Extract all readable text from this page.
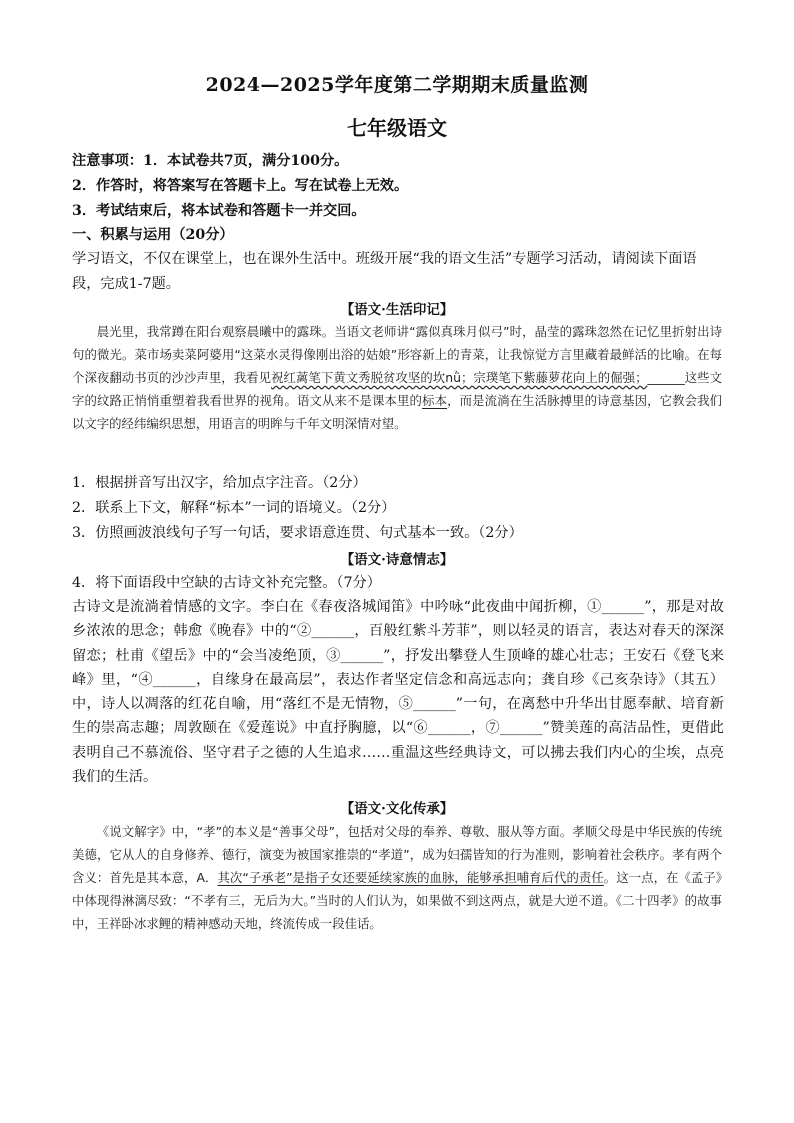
2024—2025学年度第二学期期末质量监测
七年级语文
注意事项：1．本试卷共7页，满分100分。
2．作答时，将答案写在答题卡上。写在试卷上无效。
3．考试结束后，将本试卷和答题卡一并交回。
一、积累与运用（20分）
学习语文，不仅在课堂上，也在课外生活中。班级开展“我的语文生活”专题学习活动，请阅读下面语
段，完成1-7题。
【语文·生活印记】
晨光里，我常蹲在阳台观察晨曦中的露珠。当语文老师讲“露似真珠月似弓”时，晶莹的露珠忽然在记忆里折射出诗句的微光。菜市场卖菜阿婆用“这菜水灵得像刚出浴的姑娘”形容新上的青菜，让我惊觉方言里藏着最鲜活的比喻。在每个深夜翻动书页的沙沙声里，我看见祝红蓠笔下黄文秀脱贫攻坚的坎nǜ；宗璞笔下紫藤萝花向上的倔强；______这些文字的纹路正悄悄重塑着我看世界的视角。语文从来不是课本里的标本，而是流淌在生活脉搏里的诗意基因，它教会我们以文字的经纬编织思想，用语言的明眸与千年文明深情对望。
1．根据拼音写出汉字，给加点字注音。（2分）
2．联系上下文，解释“标本”一词的语境义。（2分）
3．仿照画波浪线句子写一句话，要求语意连贯、句式基本一致。（2分）
【语文·诗意情志】
4．将下面语段中空缺的古诗文补充完整。（7分）
古诗文是流淌着情感的文字。李白在《春夜洛城闻笛》中吟咏“此夜曲中闻折柳，①______”，那是对故乡浓浓的思念；韩愈《晚春》中的“②______，百般红紫斗芳菲”，则以轻灵的语言，表达对春天的深深留恋；杜甫《望岳》中的“会当凌绝顶，③______”，抒发出攀登人生顶峰的雄心壮志；王安石《登飞来峰》里，“④______，自缘身在最高层”，表达作者坚定信念和高远志向；龚自珍《己亥杂诗》（其五）中，诗人以凋落的红花自喻，用“落红不是无情物，⑤______”一句，在离愁中升华出甘愿奉献、培育新生的崇高志趣；周敦颐在《爱莲说》中直抒胸臆，以“⑥______，⑦______”赞美莲的高洁品性，更借此表明自己不慕流俗、坚守君子之德的人生追求……重温这些经典诗文，可以拂去我们内心的尘埃，点亮我们的生活。
【语文·文化传承】
《说文解字》中，“孝”的本义是“善事父母”，包括对父母的奉养、尊敬、服从等方面。孝顺父母是中华民族的传统美德，它从人的自身修养、德行，演变为被国家推崇的“孝道”，成为妇孺皆知的行为准则，影响着社会秩序。孝有两个含义：首先是其本意，A．其次“子承老”是指子女还要延续家族的血脉，能够承担哺育后代的责任。这一点，在《孟子》中体现得淋漓尽致：“不孝有三，无后为大。”当时的人们认为，如果做不到这两点，就是大逆不道。《二十四孝》的故事中，王祥卧冰求鲤的精神感动天地，终流传成一段佳话。
